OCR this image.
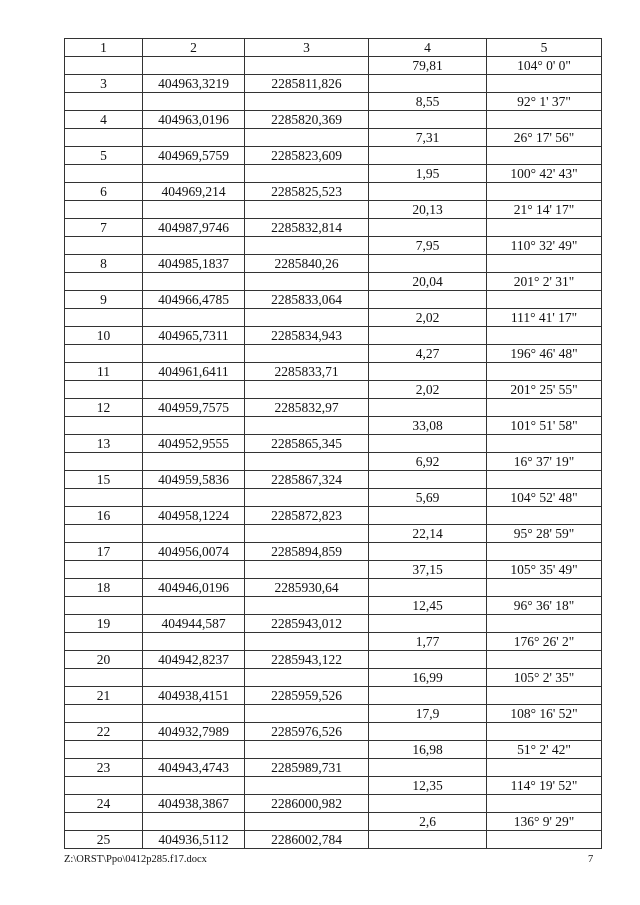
1	2	3	4	5
			79,81	104° 0' 0"
3	404963,3219	2285811,826		
			8,55	92° 1' 37"
4	404963,0196	2285820,369		
			7,31	26° 17' 56"
5	404969,5759	2285823,609		
			1,95	100° 42' 43"
6	404969,214	2285825,523		
			20,13	21° 14' 17"
7	404987,9746	2285832,814		
			7,95	110° 32' 49"
8	404985,1837	2285840,26		
			20,04	201° 2' 31"
9	404966,4785	2285833,064		
			2,02	111° 41' 17"
10	404965,7311	2285834,943		
			4,27	196° 46' 48"
11	404961,6411	2285833,71		
			2,02	201° 25' 55"
12	404959,7575	2285832,97		
			33,08	101° 51' 58"
13	404952,9555	2285865,345		
			6,92	16° 37' 19"
15	404959,5836	2285867,324		
			5,69	104° 52' 48"
16	404958,1224	2285872,823		
			22,14	95° 28' 59"
17	404956,0074	2285894,859		
			37,15	105° 35' 49"
18	404946,0196	2285930,64		
			12,45	96° 36' 18"
19	404944,587	2285943,012		
			1,77	176° 26' 2"
20	404942,8237	2285943,122		
			16,99	105° 2' 35"
21	404938,4151	2285959,526		
			17,9	108° 16' 52"
22	404932,7989	2285976,526		
			16,98	51° 2' 42"
23	404943,4743	2285989,731		
			12,35	114° 19' 52"
24	404938,3867	2286000,982		
			2,6	136° 9' 29"
25	404936,5112	2286002,784		
Z:\ORST\Ppo\0412p285.f17.docx	7
